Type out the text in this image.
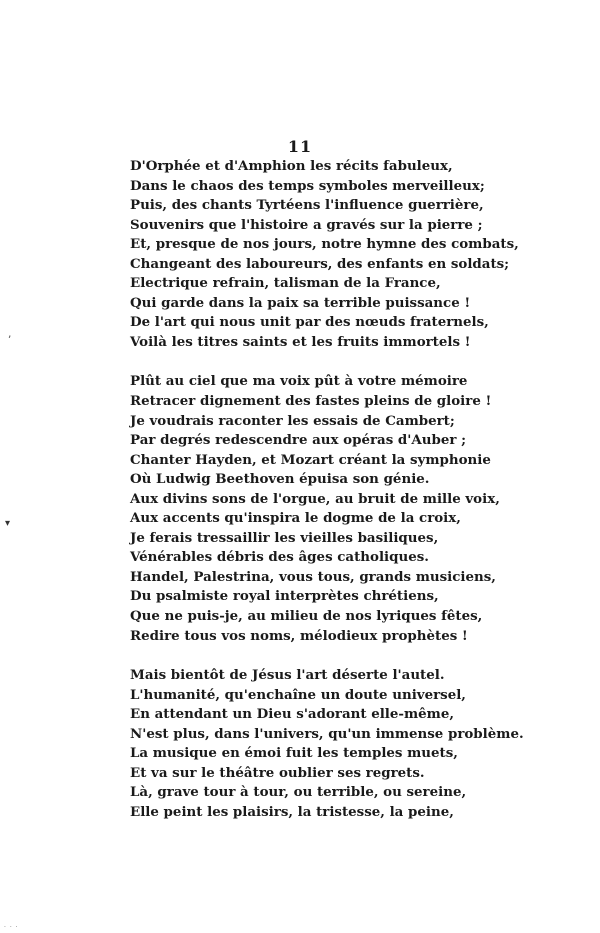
11
’
▾
D'Orphée et d'Amphion les récits fabuleux,
Dans le chaos des temps symboles merveilleux;
Puis, des chants Tyrtéens l'influence guerrière,
Souvenirs que l'histoire a gravés sur la pierre ;
Et, presque de nos jours, notre hymne des combats,
Changeant des laboureurs, des enfants en soldats;
Electrique refrain, talisman de la France,
Qui garde dans la paix sa terrible puissance !
De l'art qui nous unit par des nœuds fraternels,
Voilà les titres saints et les fruits immortels !
Plût au ciel que ma voix pût à votre mémoire
Retracer dignement des fastes pleins de gloire !
Je voudrais raconter les essais de Cambert;
Par degrés redescendre aux opéras d'Auber ;
Chanter Hayden, et Mozart créant la symphonie
Où Ludwig Beethoven épuisa son génie.
Aux divins sons de l'orgue, au bruit de mille voix,
Aux accents qu'inspira le dogme de la croix,
Je ferais tressaillir les vieilles basiliques,
Vénérables débris des âges catholiques.
Handel, Palestrina, vous tous, grands musiciens,
Du psalmiste royal interprètes chrétiens,
Que ne puis-je, au milieu de nos lyriques fêtes,
Redire tous vos noms, mélodieux prophètes !
Mais bientôt de Jésus l'art déserte l'autel.
L'humanité, qu'enchaîne un doute universel,
En attendant un Dieu s'adorant elle-même,
N'est plus, dans l'univers, qu'un immense problème.
La musique en émoi fuit les temples muets,
Et va sur le théâtre oublier ses regrets.
Là, grave tour à tour, ou terrible, ou sereine,
Elle peint les plaisirs, la tristesse, la peine,
· · ·
